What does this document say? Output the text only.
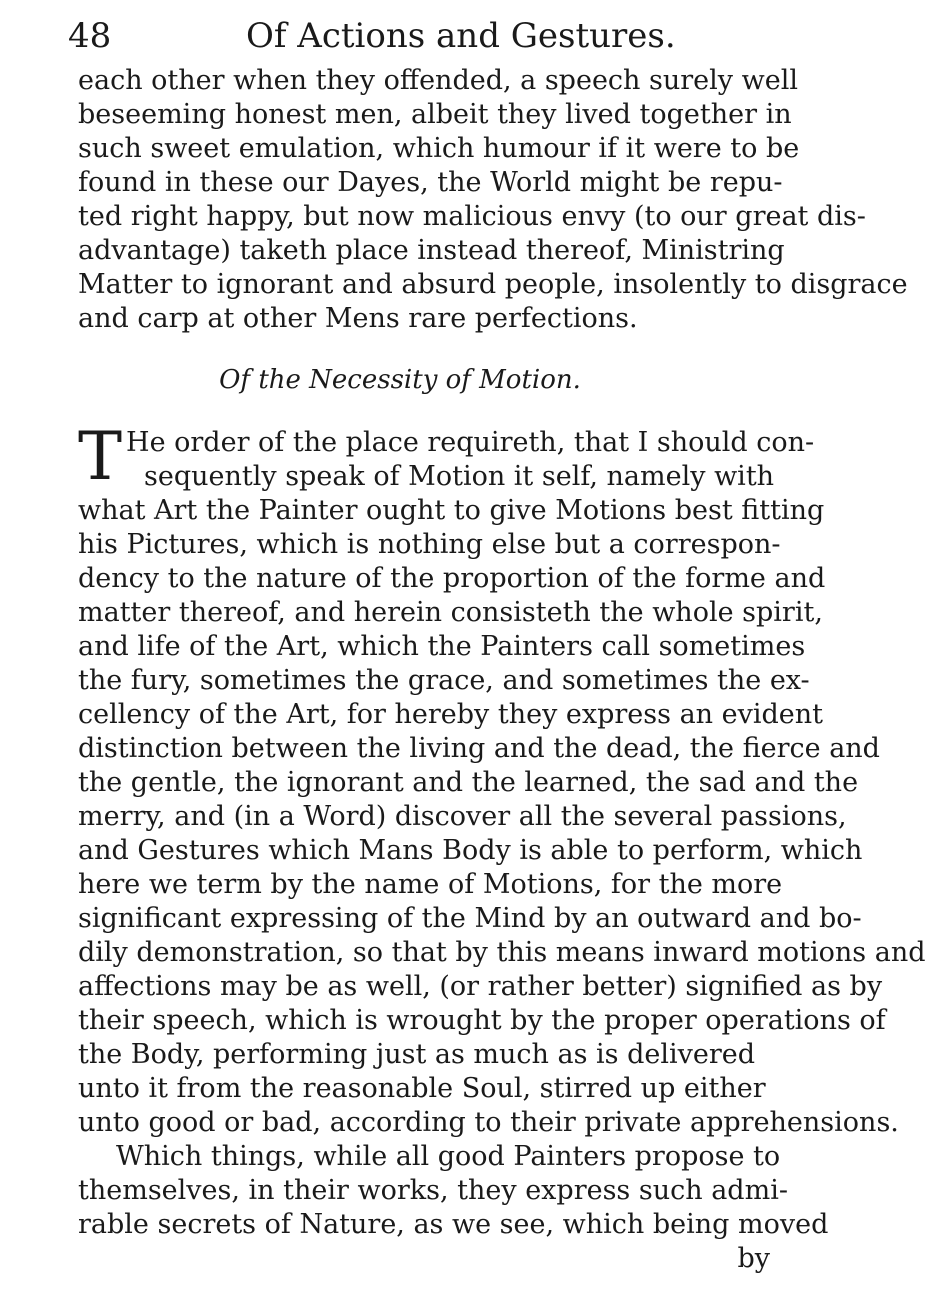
48	Of Actions and Gestures.
each other when they offended, a speech surely well
beseeming honest men, albeit they lived together in
such sweet emulation, which humour if it were to be
found in these our Dayes, the World might be repu-
ted right happy, but now malicious envy (to our great dis-
advantage) taketh place instead thereof, Ministring
Matter to ignorant and absurd people, insolently to disgrace
and carp at other Mens rare perfections.
Of the Necessity of Motion.
T He order of the place requireth, that I should con-
sequently speak of Motion it self, namely with
what Art the Painter ought to give Motions best fitting
his Pictures, which is nothing else but a correspon-
dency to the nature of the proportion of the forme and
matter thereof, and herein consisteth the whole spirit,
and life of the Art, which the Painters call sometimes
the fury, sometimes the grace, and sometimes the ex-
cellency of the Art, for hereby they express an evident
distinction between the living and the dead, the fierce and
the gentle, the ignorant and the learned, the sad and the
merry, and (in a Word) discover all the several passions,
and Gestures which Mans Body is able to perform, which
here we term by the name of Motions, for the more
significant expressing of the Mind by an outward and bo-
dily demonstration, so that by this means inward motions and
affections may be as well, (or rather better) signified as by
their speech, which is wrought by the proper operations of
the Body, performing just as much as is delivered
unto it from the reasonable Soul, stirred up either
unto good or bad, according to their private apprehensions.
Which things, while all good Painters propose to
themselves, in their works, they express such admi-
rable secrets of Nature, as we see, which being moved
by
